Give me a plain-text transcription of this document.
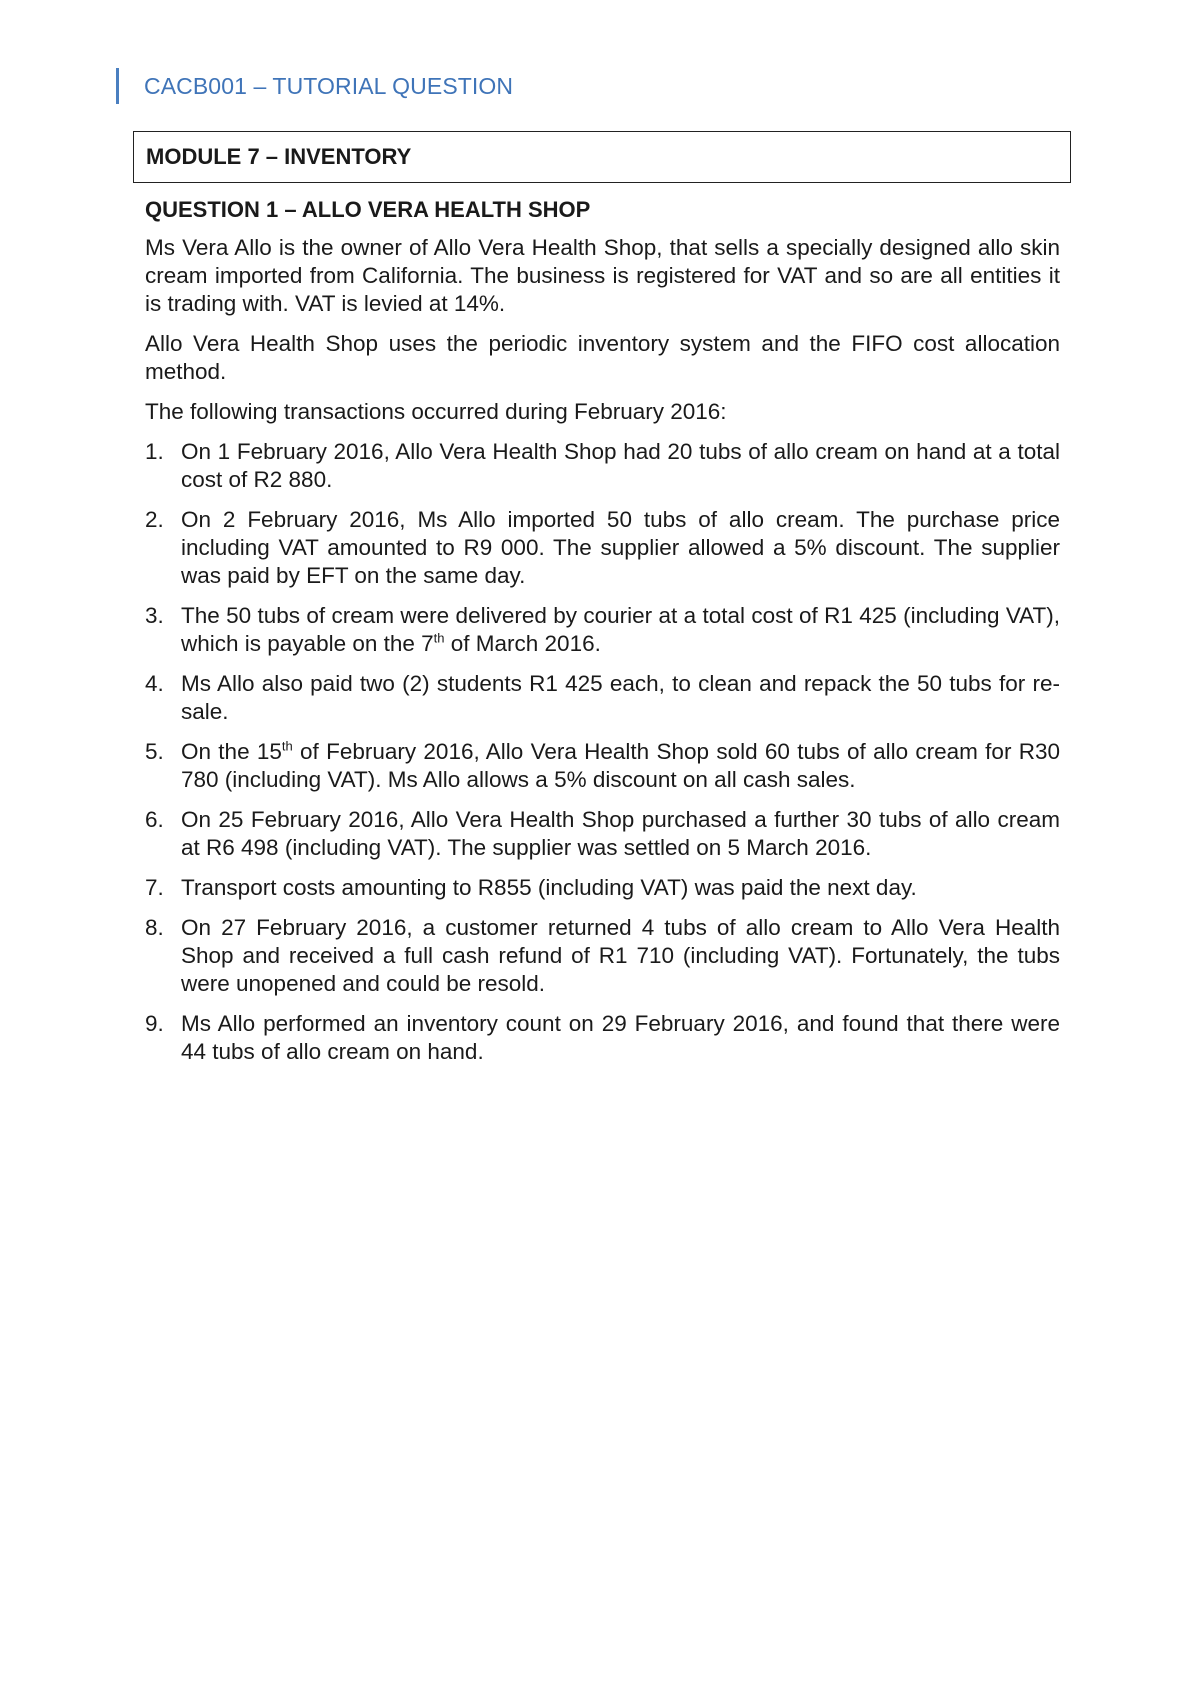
CACB001 – TUTORIAL QUESTION
MODULE 7 – INVENTORY
QUESTION 1 – ALLO VERA HEALTH SHOP

Ms Vera Allo is the owner of Allo Vera Health Shop, that sells a specially designed allo skin cream imported from California. The business is registered for VAT and so are all entities it is trading with. VAT is levied at 14%.

Allo Vera Health Shop uses the periodic inventory system and the FIFO cost allocation method.

The following transactions occurred during February 2016:

1. On 1 February 2016, Allo Vera Health Shop had 20 tubs of allo cream on hand at a total cost of R2 880.
2. On 2 February 2016, Ms Allo imported 50 tubs of allo cream. The purchase price including VAT amounted to R9 000. The supplier allowed a 5% discount. The supplier was paid by EFT on the same day.
3. The 50 tubs of cream were delivered by courier at a total cost of R1 425 (including VAT), which is payable on the 7th of March 2016.
4. Ms Allo also paid two (2) students R1 425 each, to clean and repack the 50 tubs for re-sale.
5. On the 15th of February 2016, Allo Vera Health Shop sold 60 tubs of allo cream for R30 780 (including VAT). Ms Allo allows a 5% discount on all cash sales.
6. On 25 February 2016, Allo Vera Health Shop purchased a further 30 tubs of allo cream at R6 498 (including VAT). The supplier was settled on 5 March 2016.
7. Transport costs amounting to R855 (including VAT) was paid the next day.
8. On 27 February 2016, a customer returned 4 tubs of allo cream to Allo Vera Health Shop and received a full cash refund of R1 710 (including VAT). Fortunately, the tubs were unopened and could be resold.
9. Ms Allo performed an inventory count on 29 February 2016, and found that there were 44 tubs of allo cream on hand.
